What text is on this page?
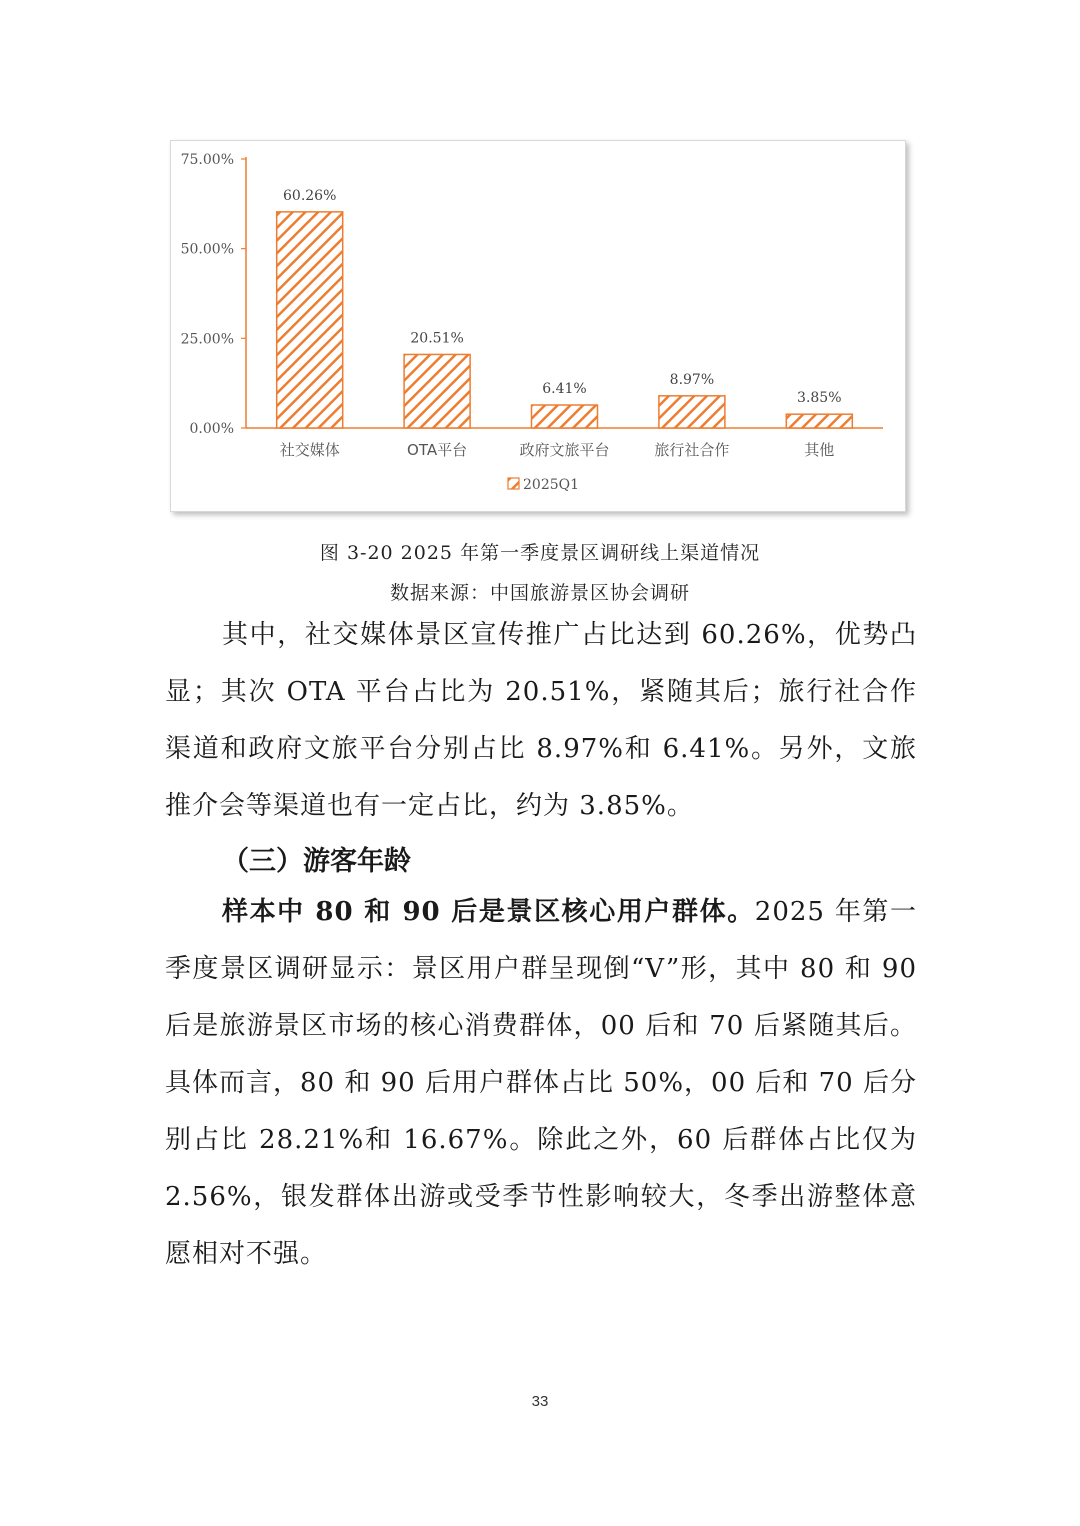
0.00%
25.00%
50.00%
75.00%
60.26%
社交媒体
20.51%
OTA平台
6.41%
政府文旅平台
8.97%
旅行社合作
3.85%
其他
2025Q1
图 3-20 2025 年第一季度景区调研线上渠道情况
数据来源：中国旅游景区协会调研

其中，社交媒体景区宣传推广占比达到 60.26%，优势凸显；其次 OTA 平台占比为 20.51%，紧随其后；旅行社合作渠道和政府文旅平台分别占比 8.97%和 6.41%。另外，文旅推介会等渠道也有一定占比，约为 3.85%。

（三）游客年龄

样本中 80 和 90 后是景区核心用户群体。2025 年第一季度景区调研显示：景区用户群呈现倒“V”形，其中 80 和 90 后是旅游景区市场的核心消费群体，00 后和 70 后紧随其后。具体而言，80 和 90 后用户群体占比 50%，00 后和 70 后分别占比 28.21%和 16.67%。除此之外，60 后群体占比仅为 2.56%，银发群体出游或受季节性影响较大，冬季出游整体意愿相对不强。

33
